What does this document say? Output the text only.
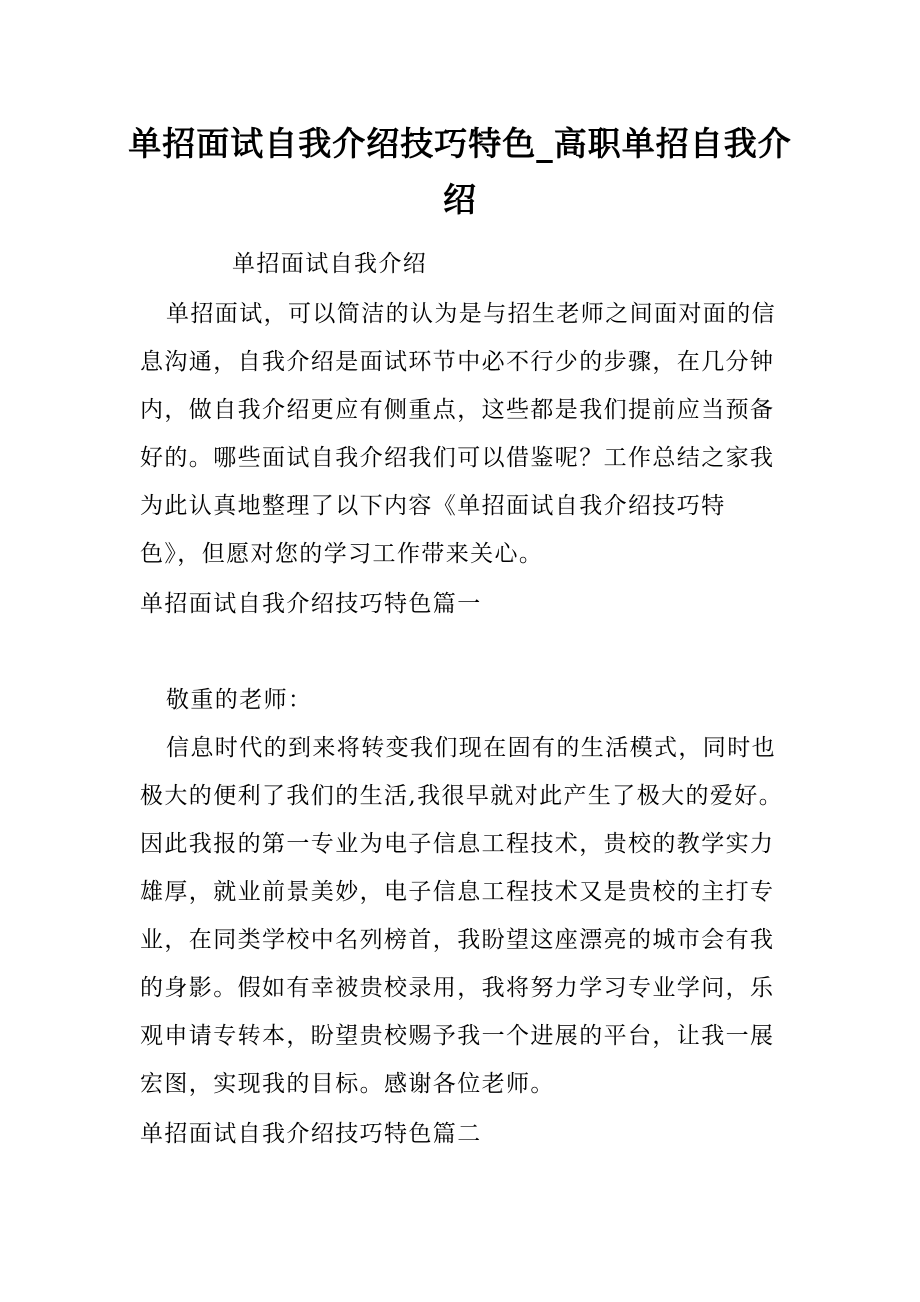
单招面试自我介绍技巧特色_高职单招自我介绍

单招面试自我介绍

单招面试，可以简洁的认为是与招生老师之间面对面的信息沟通，自我介绍是面试环节中必不行少的步骤，在几分钟内，做自我介绍更应有侧重点，这些都是我们提前应当预备好的。哪些面试自我介绍我们可以借鉴呢？工作总结之家我为此认真地整理了以下内容《单招面试自我介绍技巧特色》，但愿对您的学习工作带来关心。

单招面试自我介绍技巧特色篇一

敬重的老师：

信息时代的到来将转变我们现在固有的生活模式，同时也极大的便利了我们的生活,我很早就对此产生了极大的爱好。因此我报的第一专业为电子信息工程技术，贵校的教学实力雄厚，就业前景美妙，电子信息工程技术又是贵校的主打专业，在同类学校中名列榜首，我盼望这座漂亮的城市会有我的身影。假如有幸被贵校录用，我将努力学习专业学问，乐观申请专转本，盼望贵校赐予我一个进展的平台，让我一展宏图，实现我的目标。感谢各位老师。

单招面试自我介绍技巧特色篇二
